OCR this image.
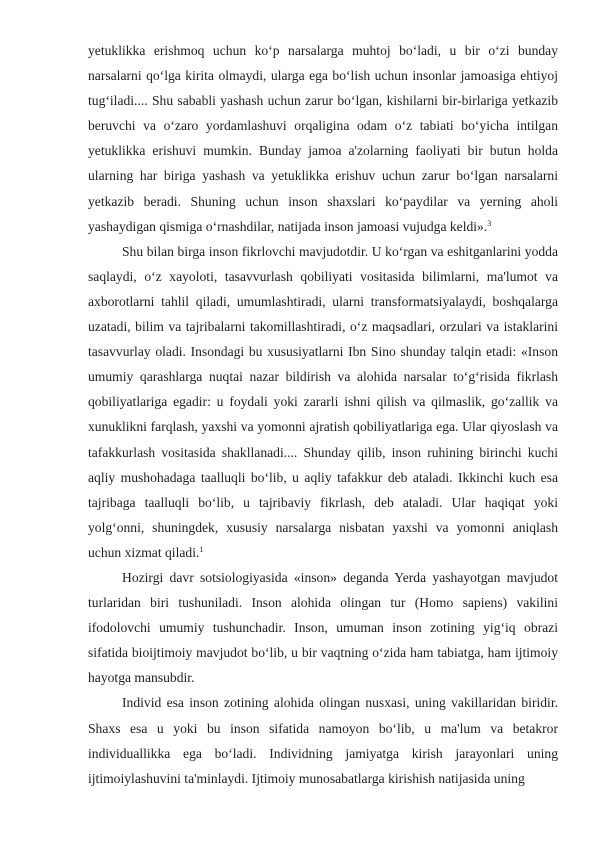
yetuklikka erishmoq uchun ko‘p narsalarga muhtoj bo‘ladi, u bir o‘zi bunday narsalarni qo‘lga kirita olmaydi, ularga ega bo‘lish uchun insonlar jamoasiga ehtiyoj tug‘iladi.... Shu sababli yashash uchun zarur bo‘lgan, kishilarni bir-birlariga yetkazib beruvchi va o‘zaro yordamlashuvi orqaligina odam o‘z tabiati bo‘yicha intilgan yetuklikka erishuvi mumkin. Bunday jamoa a'zolarning faoliyati bir butun holda ularning har biriga yashash va yetuklikka erishuv uchun zarur bo‘lgan narsalarni yetkazib beradi. Shuning uchun inson shaxslari ko‘paydilar va yerning aholi yashaydigan qismiga o‘rnashdilar, natijada inson jamoasi vujudga keldi».$^3$

Shu bilan birga inson fikrlovchi mavjudotdir. U ko‘rgan va eshitganlarini yodda saqlaydi, o‘z xayoloti, tasavvurlash qobiliyati vositasida bilimlarni, ma'lumot va axborotlarni tahlil qiladi, umumlashtiradi, ularni transformatsiyalaydi, boshqalarga uzatadi, bilim va tajribalarni takomillashtiradi, o‘z maqsadlari, orzulari va istaklarini tasavvurlay oladi. Insondagi bu xususiyatlarni Ibn Sino shunday talqin etadi: «Inson umumiy qarashlarga nuqtai nazar bildirish va alohida narsalar to‘g‘risida fikrlash qobiliyatlariga egadir: u foydali yoki zararli ishni qilish va qilmaslik, go‘zallik va xunuklikni farqlash, yaxshi va yomonni ajratish qobiliyatlariga ega. Ular qiyoslash va tafakkurlash vositasida shakllanadi.... Shunday qilib, inson ruhining birinchi kuchi aqliy mushohadaga taalluqli bo‘lib, u aqliy tafakkur deb ataladi. Ikkinchi kuch esa tajribaga taalluqli bo‘lib, u tajribaviy fikrlash, deb ataladi. Ular haqiqat yoki yolg‘onni, shuningdek, xususiy narsalarga nisbatan yaxshi va yomonni aniqlash uchun xizmat qiladi.$^1$

Hozirgi davr sotsiologiyasida «inson» deganda Yerda yashayotgan mavjudot turlaridan biri tushuniladi. Inson alohida olingan tur (Homo sapiens) vakilini ifodolovchi umumiy tushunchadir. Inson, umuman inson zotining yig‘iq obrazi sifatida bioijtimoiy mavjudot bo‘lib, u bir vaqtning o‘zida ham tabiatga, ham ijtimoiy hayotga mansubdir.

Individ esa inson zotining alohida olingan nusxasi, uning vakillaridan biridir. Shaxs esa u yoki bu inson sifatida namoyon bo‘lib, u ma'lum va betakror individuallikka ega bo‘ladi. Individning jamiyatga kirish jarayonlari uning ijtimoiylashuvini ta'minlaydi. Ijtimoiy munosabatlarga kirishish natijasida uning
